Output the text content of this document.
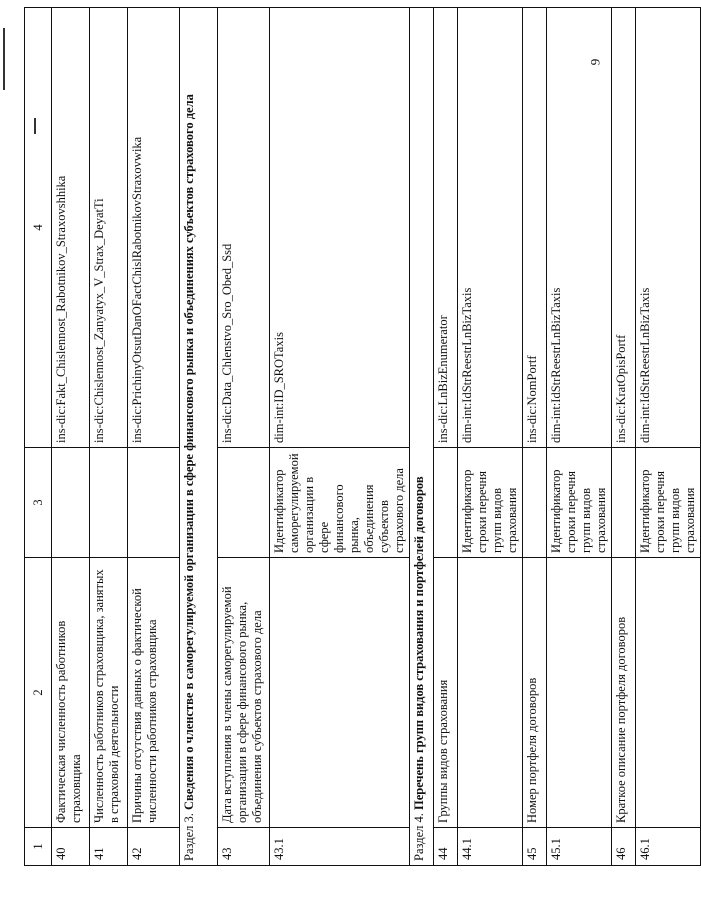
1	2	3	4
40	Фактическая численность работников страховщика		ins-dic:Fakt_Chislennost_Rabotnikov_Straxovshhika
41	Численность работников страховщика, занятых в страховой деятельности		ins-dic:Chislennost_Zanyatyx_V_Strax_DeyatTi
42	Причины отсутствия данных о фактической численности работников страховщика		ins-dic:PrichinyOtsutDanOFactChislRabotnikovStraxovwika
Раздел 3. Сведения о членстве в саморегулируемой организации в сфере финансового рынка и объединениях субъектов страхового дела			
43	Дата вступления в члены саморегулируемой организации в сфере финансового рынка, объединения субъектов страхового дела		ins-dic:Data_Chlenstvo_Sro_Obed_Ssd
43.1		Идентификатор саморегулируемой организации в сфере финансового рынка, объединения субъектов страхового дела	dim-int:ID_SROTaxis
Раздел 4. Перечень групп видов страхования и портфелей договоров			
44	Группы видов страхования		ins-dic:LnBizEnumerator
44.1		Идентификатор строки перечня групп видов страхования	dim-int:IdStrReestrLnBizTaxis
45	Номер портфеля договоров		ins-dic:NomPortf
45.1		Идентификатор строки перечня групп видов страхования	dim-int:IdStrReestrLnBizTaxis
46	Краткое описание портфеля договоров		ins-dic:KratOpisPortf
46.1		Идентификатор строки перечня групп видов страхования	dim-int:IdStrReestrLnBizTaxis
9
